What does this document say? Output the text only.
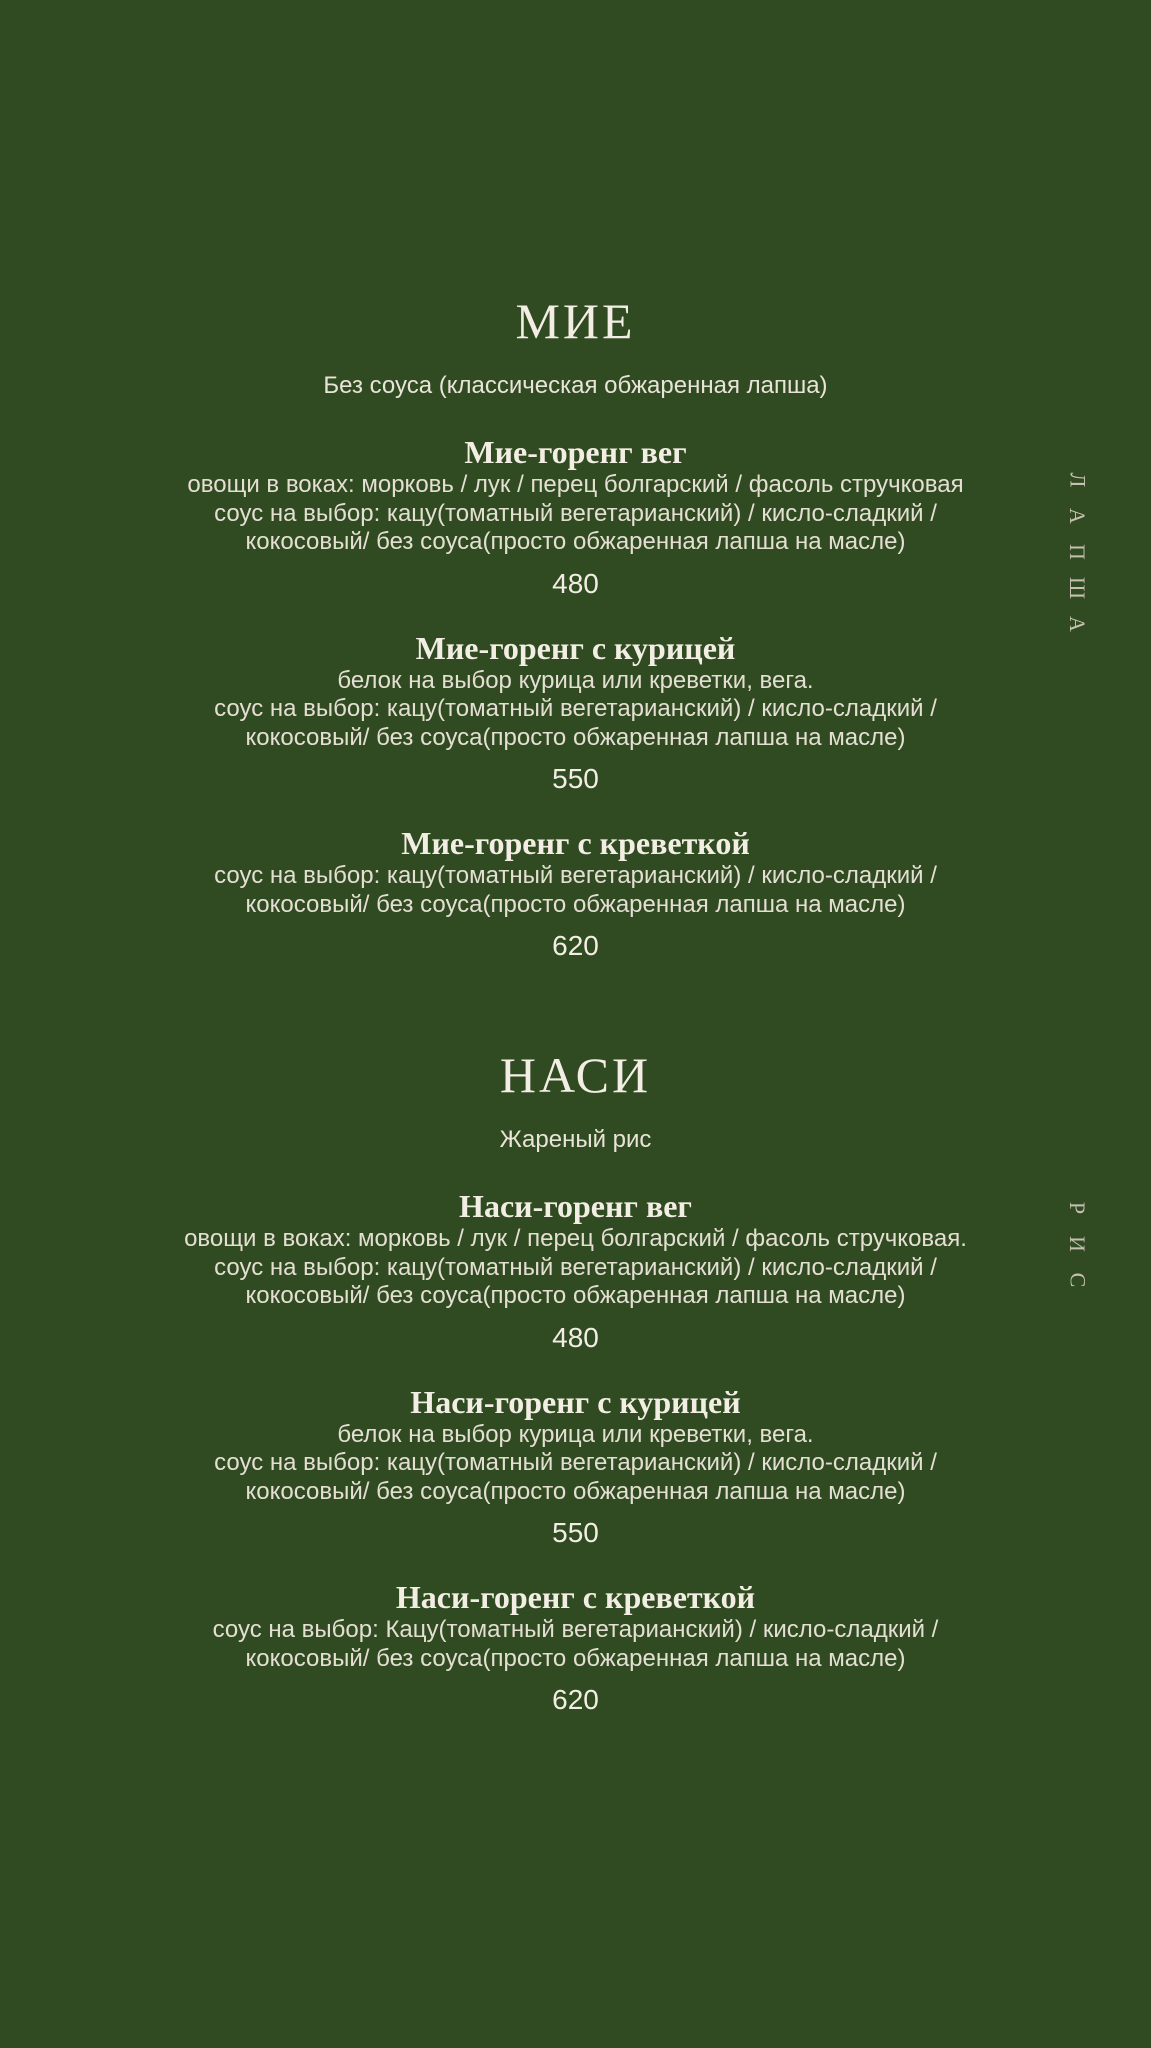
МИЕ
Без соуса (классическая обжаренная лапша)
Мие-горенг вег
овощи в воках: морковь / лук / перец болгарский / фасоль стручковая
соус на выбор: кацу(томатный вегетарианский) / кисло-сладкий /
кокосовый/ без соуса(просто обжаренная лапша на масле)
480
Мие-горенг с курицей
белок на выбор курица или креветки, вега.
соус на выбор: кацу(томатный вегетарианский) / кисло-сладкий /
кокосовый/ без соуса(просто обжаренная лапша на масле)
550
Мие-горенг с креветкой
соус на выбор: кацу(томатный вегетарианский) / кисло-сладкий /
кокосовый/ без соуса(просто обжаренная лапша на масле)
620
НАСИ
Жареный рис
Наси-горенг вег
овощи в воках: морковь / лук / перец болгарский / фасоль стручковая.
соус на выбор: кацу(томатный вегетарианский) / кисло-сладкий /
кокосовый/ без соуса(просто обжаренная лапша на масле)
480
Наси-горенг с курицей
белок на выбор курица или креветки, вега.
соус на выбор: кацу(томатный вегетарианский) / кисло-сладкий /
кокосовый/ без соуса(просто обжаренная лапша на масле)
550
Наси-горенг с креветкой
соус на выбор: Кацу(томатный вегетарианский) / кисло-сладкий /
кокосовый/ без соуса(просто обжаренная лапша на масле)
620
Л
А
П
Ш
А
Р
И
С
